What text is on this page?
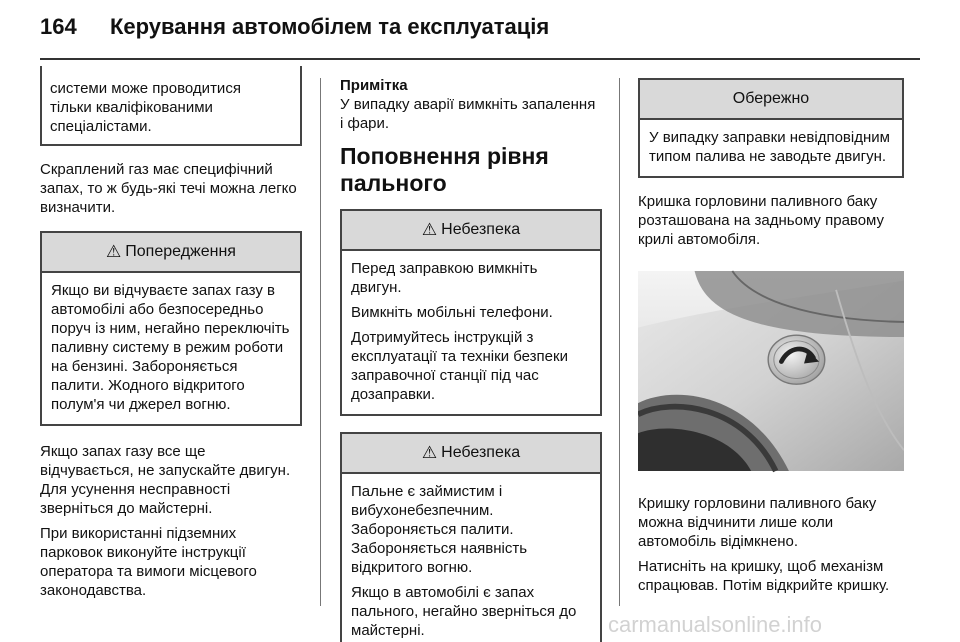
164	Керування автомобілем та експлуатація

системи може проводитися

тільки кваліфікованими

спеціалістами.

Скраплений газ має специфічний запах, то ж будь-які течі можна легко визначити.

⚠ Попередження

Якщо ви відчуваєте запах газу в автомобілі або безпосередньо поруч із ним, негайно переключіть паливну систему в режим роботи на бензині. Забороняється палити. Жодного відкритого полум'я чи джерел вогню.

Якщо запах газу все ще відчувається, не запускайте двигун. Для усунення несправності зверніться до майстерні.

При використанні підземних парковок виконуйте інструкції оператора та вимоги місцевого законодавства.

Примітка

У випадку аварії вимкніть запалення і фари.

Поповнення рівня пального
⚠ Небезпека

Перед заправкою вимкніть двигун.

Вимкніть мобільні телефони.

Дотримуйтесь інструкцій з експлуатації та техніки безпеки заправочної станції під час дозаправки.

⚠ Небезпека

Пальне є займистим і вибухонебезпечним. Забороняється палити. Забороняється наявність відкритого вогню.

Якщо в автомобілі є запах пального, негайно зверніться до майстерні.

Обережно

У випадку заправки невідповідним типом палива не заводьте двигун.

Кришка горловини паливного баку розташована на задньому правому крилі автомобіля.

Кришку горловини паливного баку можна відчинити лише коли автомобіль відімкнено.

Натисніть на кришку, щоб механізм спрацював. Потім відкрийте кришку.

carmanualsonline.info
